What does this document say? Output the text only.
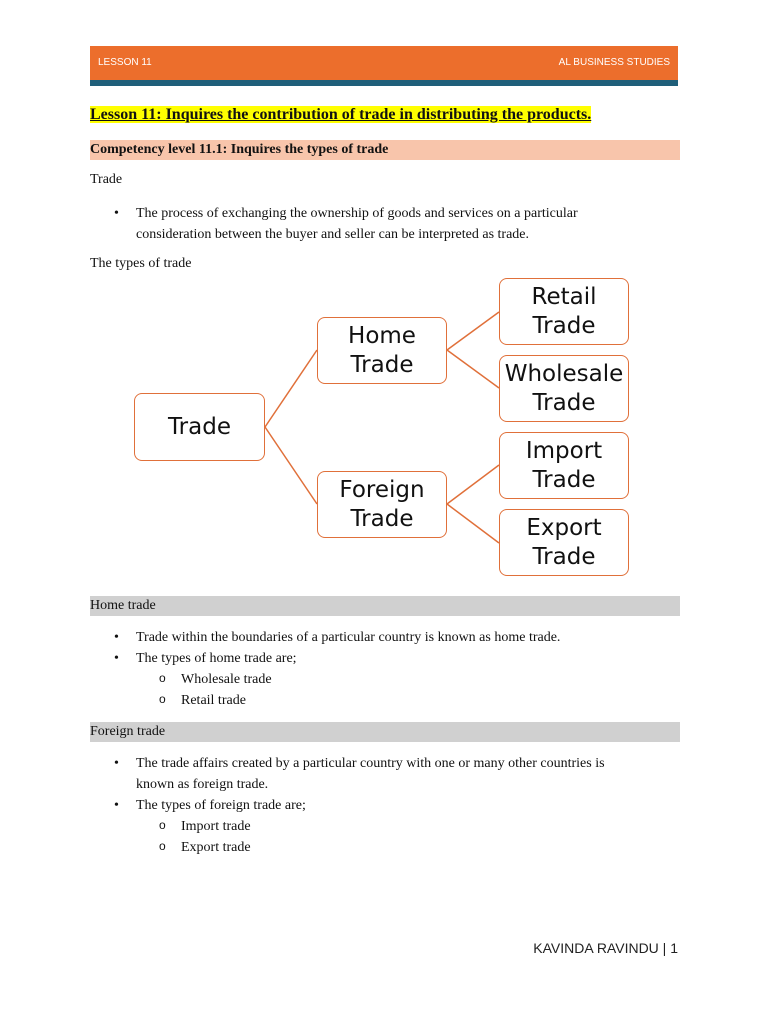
LESSON 11	AL BUSINESS STUDIES
Lesson 11: Inquires the contribution of trade in distributing the products.
Competency level 11.1: Inquires the types of trade
Trade
• The process of exchanging the ownership of goods and services on a particular
consideration between the buyer and seller can be interpreted as trade.
The types of trade
Trade
Home
Trade
Foreign
Trade
Retail
Trade
Wholesale
Trade
Import
Trade
Export
Trade
Home trade
• Trade within the boundaries of a particular country is known as home trade.
• The types of home trade are;
o Wholesale trade
o Retail trade
Foreign trade
• The trade affairs created by a particular country with one or many other countries is
known as foreign trade.
• The types of foreign trade are;
o Import trade
o Export trade
KAVINDA RAVINDU | 1
